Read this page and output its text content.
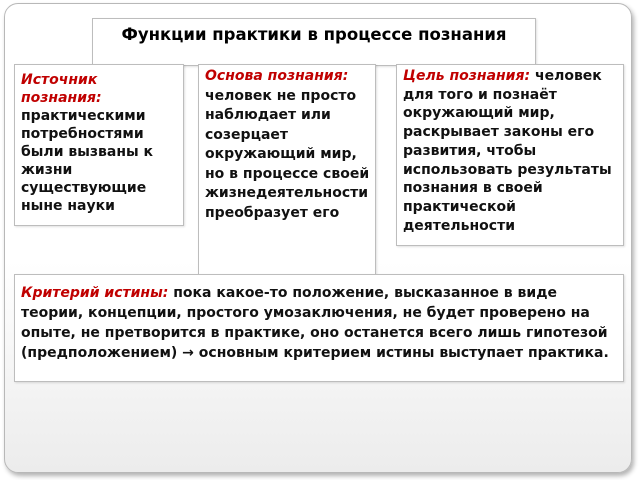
Функции практики в процессе познания

Источник познания: практическими потребностями были вызваны к жизни существующие ныне науки

Основа познания: человек не просто наблюдает или созерцает окружающий мир, но в процессе своей жизнедеятельности преобразует его

Цель познания: человек для того и познаёт окружающий мир, раскрывает законы его развития, чтобы использовать результаты познания в своей практической деятельности

Критерий истины: пока какое-то положение, высказанное в виде теории, концепции, простого умозаключения, не будет проверено на опыте, не претворится в практике, оно останется всего лишь гипотезой (предположением) → основным критерием истины выступает практика.
